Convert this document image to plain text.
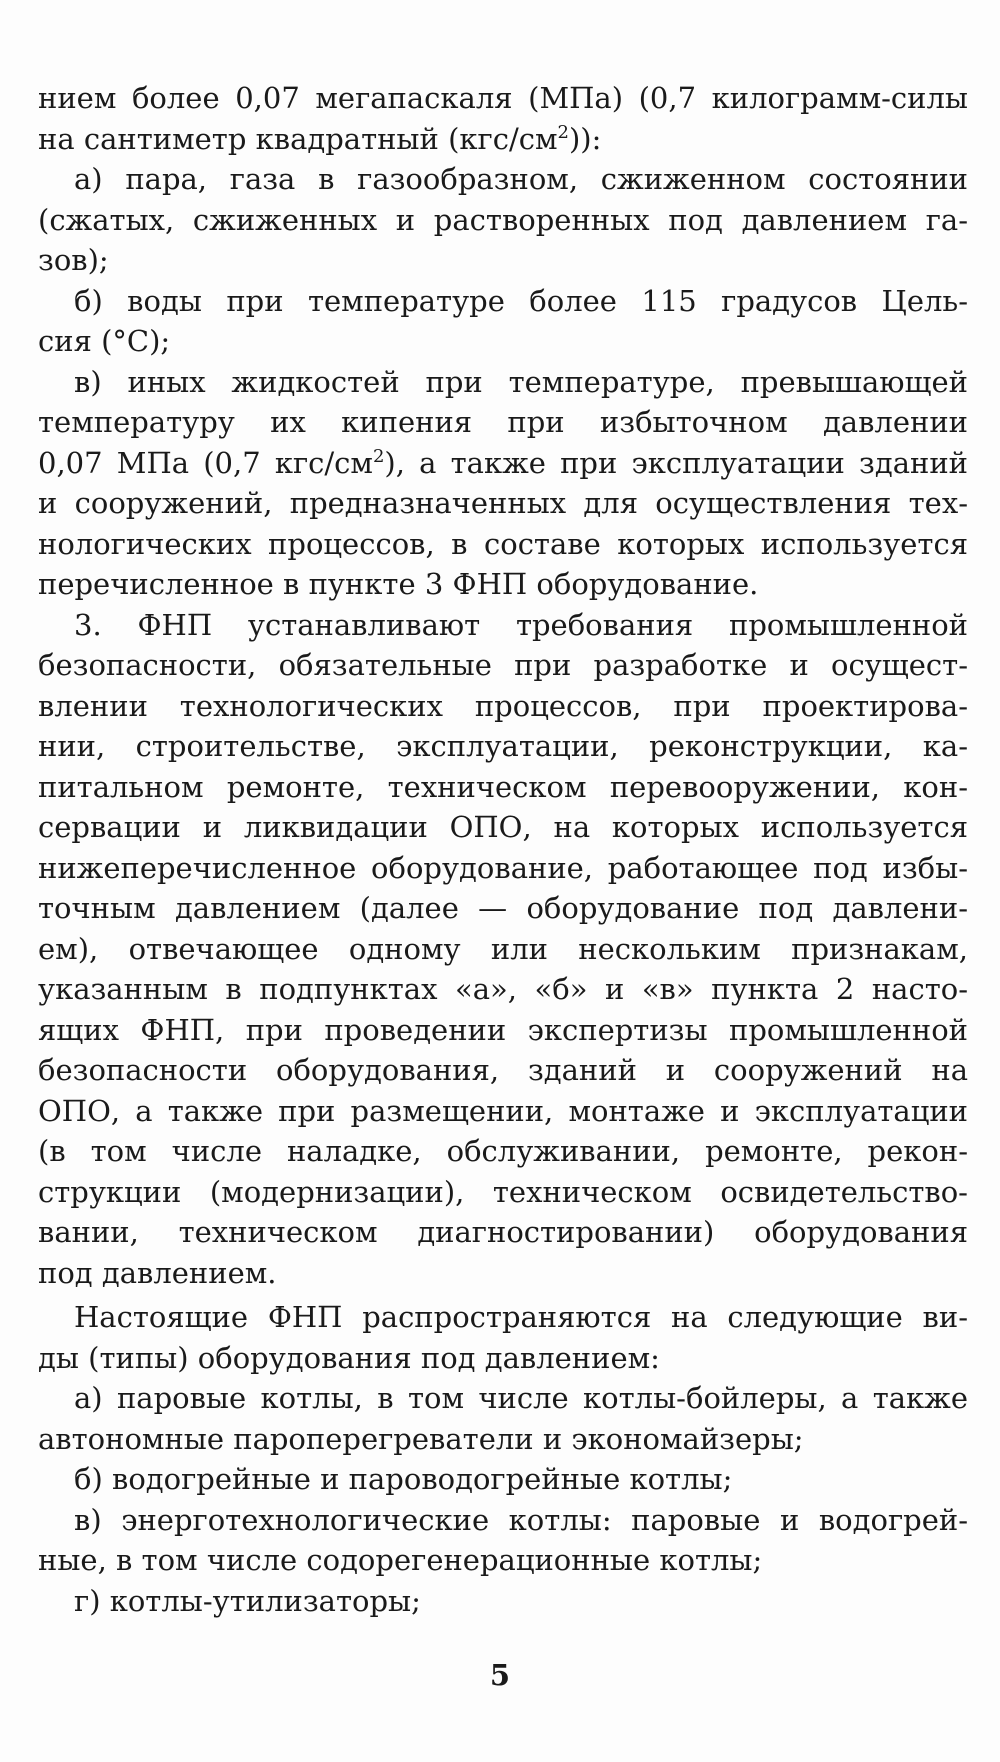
нием более 0,07 мегапаскаля (МПа) (0,7 килограмм-силы
на сантиметр квадратный $(кгс/см^2)$):
а) пара, газа в газообразном, сжиженном состоянии
(сжатых, сжиженных и растворенных под давлением га-
зов);
б) воды при температуре более 115 градусов Цель-
сия (°С);
в) иных жидкостей при температуре, превышающей
температуру их кипения при избыточном давлении
0,07 МПа (0,7 кгс/$см^2$), а также при эксплуатации зданий
и сооружений, предназначенных для осуществления тех-
нологических процессов, в составе которых используется
перечисленное в пункте 3 ФНП оборудование.
3. ФНП устанавливают требования промышленной
безопасности, обязательные при разработке и осущест-
влении технологических процессов, при проектирова-
нии, строительстве, эксплуатации, реконструкции, ка-
питальном ремонте, техническом перевооружении, кон-
сервации и ликвидации ОПО, на которых используется
нижеперечисленное оборудование, работающее под избы-
точным давлением (далее — оборудование под давлени-
ем), отвечающее одному или нескольким признакам,
указанным в подпунктах «а», «б» и «в» пункта 2 насто-
ящих ФНП, при проведении экспертизы промышленной
безопасности оборудования, зданий и сооружений на
ОПО, а также при размещении, монтаже и эксплуатации
(в том числе наладке, обслуживании, ремонте, рекон-
струкции (модернизации), техническом освидетельство-
вании, техническом диагностировании) оборудования
под давлением.
Настоящие ФНП распространяются на следующие ви-
ды (типы) оборудования под давлением:
а) паровые котлы, в том числе котлы-бойлеры, а также
автономные пароперегреватели и экономайзеры;
б) водогрейные и пароводогрейные котлы;
в) энерготехнологические котлы: паровые и водогрей-
ные, в том числе содорегенерационные котлы;
г) котлы-утилизаторы;
5
